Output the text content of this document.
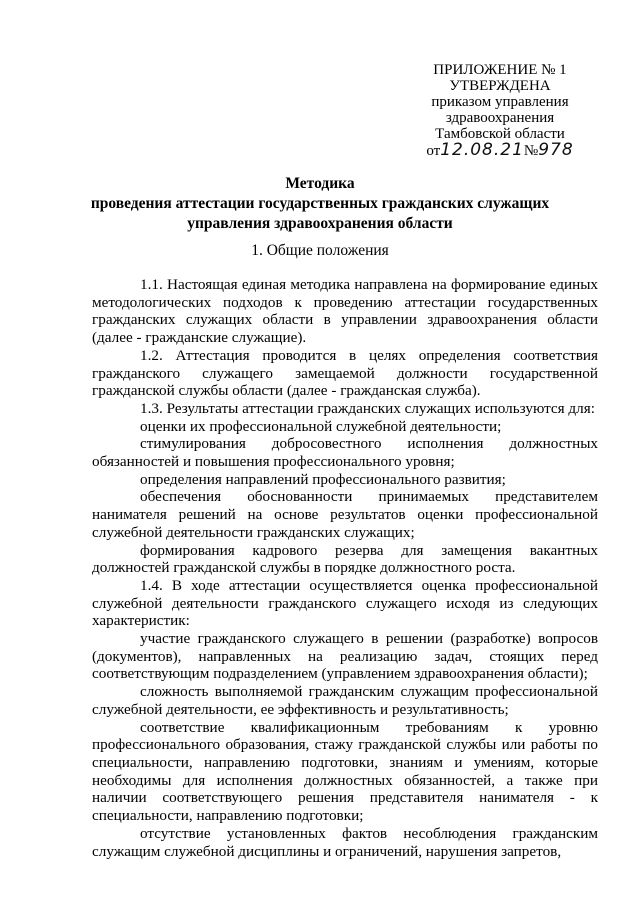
ПРИЛОЖЕНИЕ № 1
УТВЕРЖДЕНА
приказом управления
здравоохранения
Тамбовской области
от12.08.21№978
Методика
проведения аттестации государственных гражданских служащих
управления здравоохранения области
1. Общие положения

1.1. Настоящая единая методика направлена на формирование единых методологических подходов к проведению аттестации государственных гражданских служащих области в управлении здравоохранения области (далее - гражданские служащие).

1.2. Аттестация проводится в целях определения соответствия гражданского служащего замещаемой должности государственной гражданской службы области (далее - гражданская служба).

1.3. Результаты аттестации гражданских служащих используются для:

оценки их профессиональной служебной деятельности;

стимулирования добросовестного исполнения должностных обязанностей и повышения профессионального уровня;

определения направлений профессионального развития;

обеспечения обоснованности принимаемых представителем нанимателя решений на основе результатов оценки профессиональной служебной деятельности гражданских служащих;

формирования кадрового резерва для замещения вакантных должностей гражданской службы в порядке должностного роста.

1.4. В ходе аттестации осуществляется оценка профессиональной служебной деятельности гражданского служащего исходя из следующих характеристик:

участие гражданского служащего в решении (разработке) вопросов (документов), направленных на реализацию задач, стоящих перед соответствующим подразделением (управлением здравоохранения области);

сложность выполняемой гражданским служащим профессиональной служебной деятельности, ее эффективность и результативность;

соответствие квалификационным требованиям к уровню профессионального образования, стажу гражданской службы или работы по специальности, направлению подготовки, знаниям и умениям, которые необходимы для исполнения должностных обязанностей, а также при наличии соответствующего решения представителя нанимателя - к специальности, направлению подготовки;

отсутствие установленных фактов несоблюдения гражданским служащим служебной дисциплины и ограничений, нарушения запретов,
